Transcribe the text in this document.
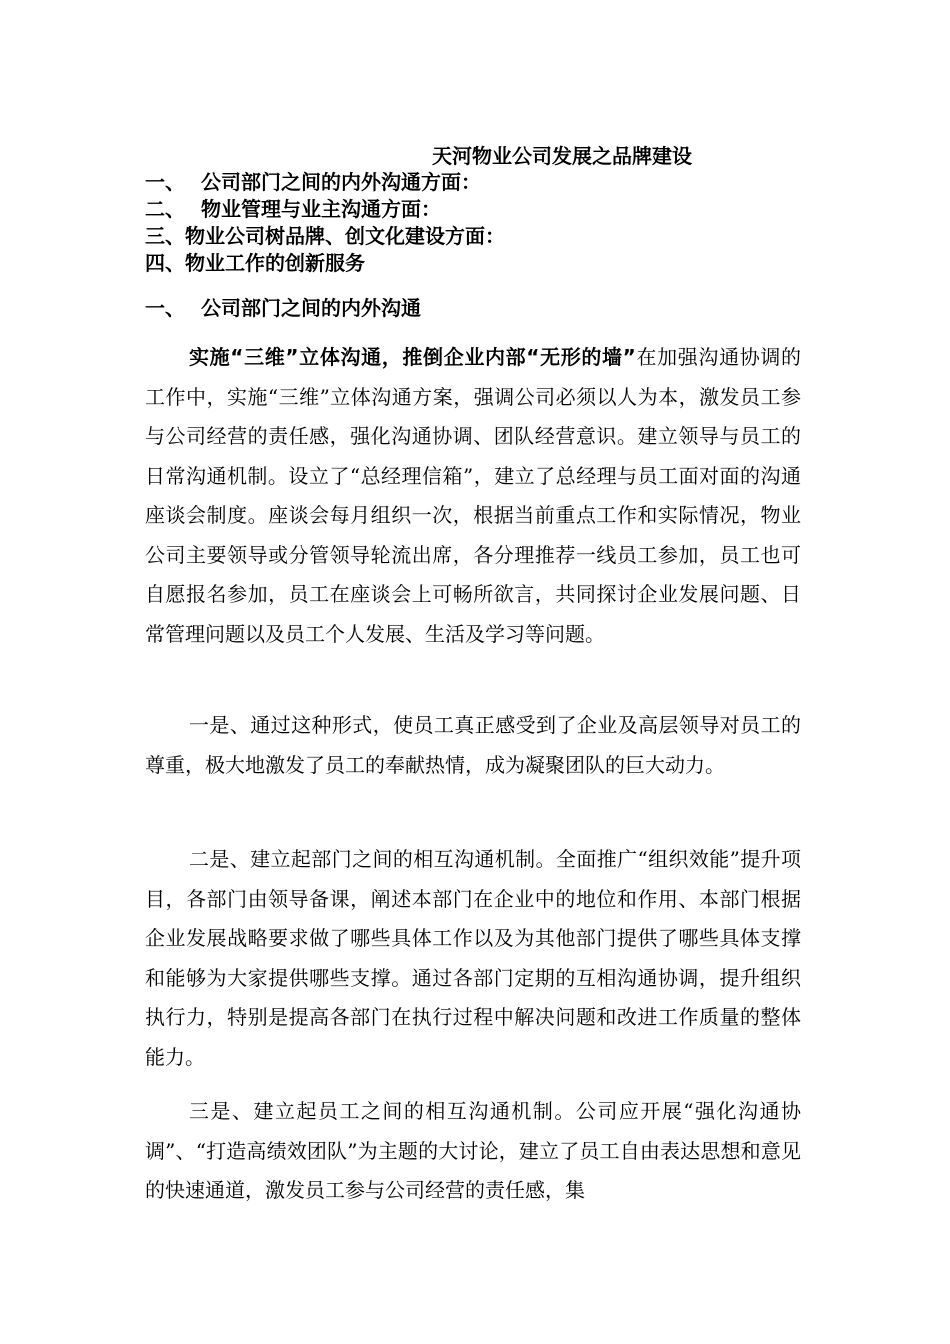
天河物业公司发展之品牌建设
一、 公司部门之间的内外沟通方面：
二、 物业管理与业主沟通方面：
三、 物业公司树品牌、创文化建设方面：
四、 物业工作的创新服务
一、 公司部门之间的内外沟通

实施“三维”立体沟通，推倒企业内部“无形的墙”在加强沟通协调的工作中，实施“三维”立体沟通方案，强调公司必须以人为本，激发员工参与公司经营的责任感，强化沟通协调、团队经营意识。建立领导与员工的日常沟通机制。设立了“总经理信箱”，建立了总经理与员工面对面的沟通座谈会制度。座谈会每月组织一次，根据当前重点工作和实际情况，物业公司主要领导或分管领导轮流出席，各分理推荐一线员工参加，员工也可自愿报名参加，员工在座谈会上可畅所欲言，共同探讨企业发展问题、日常管理问题以及员工个人发展、生活及学习等问题。

一是、通过这种形式，使员工真正感受到了企业及高层领导对员工的尊重，极大地激发了员工的奉献热情，成为凝聚团队的巨大动力。

二是、建立起部门之间的相互沟通机制。全面推广“组织效能”提升项目，各部门由领导备课，阐述本部门在企业中的地位和作用、本部门根据企业发展战略要求做了哪些具体工作以及为其他部门提供了哪些具体支撑和能够为大家提供哪些支撑。通过各部门定期的互相沟通协调，提升组织执行力，特别是提高各部门在执行过程中解决问题和改进工作质量的整体能力。

三是、建立起员工之间的相互沟通机制。公司应开展“强化沟通协调”、“打造高绩效团队”为主题的大讨论，建立了员工自由表达思想和意见的快速通道，激发员工参与公司经营的责任感，集
